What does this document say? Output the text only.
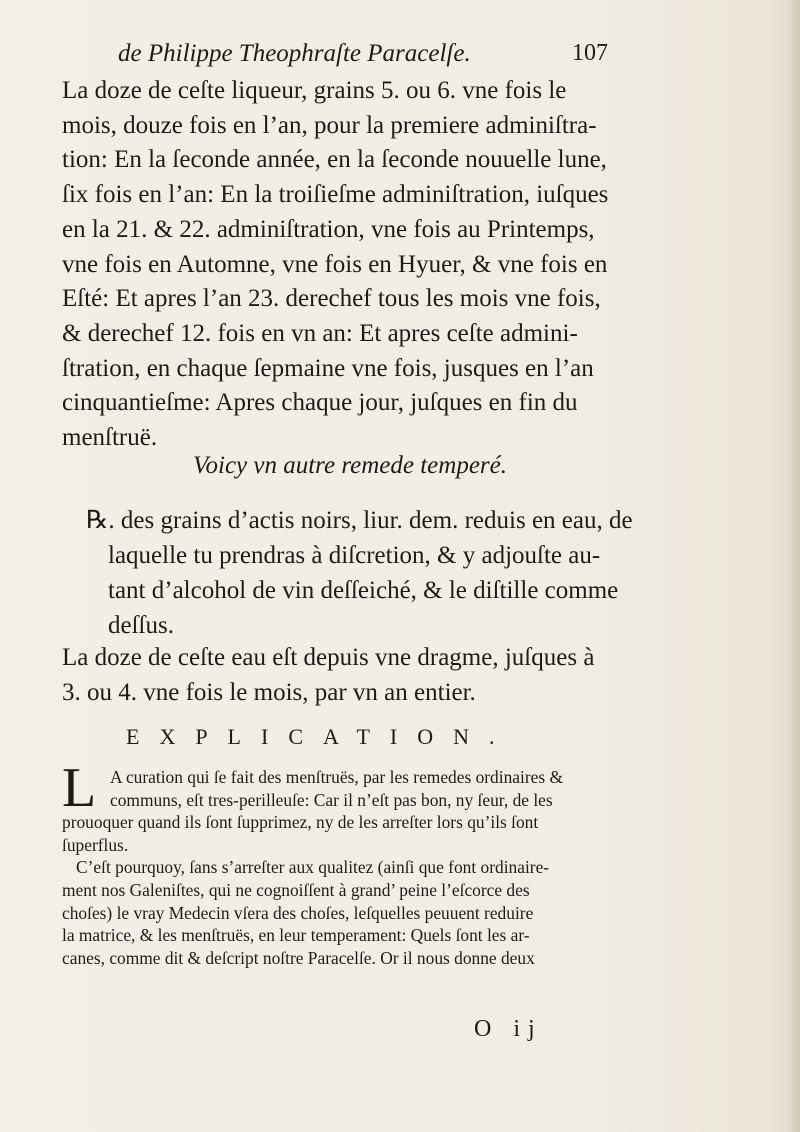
de Philippe Theophraſte Paracelſe.	107

La doze de ceſte liqueur, grains 5. ou 6. vne fois le
mois, douze fois en l’an, pour la premiere adminiſtra-
tion: En la ſeconde année, en la ſeconde nouuelle lune,
ſix fois en l’an: En la troiſieſme adminiſtration, iuſques
en la 21. & 22. adminiſtration, vne fois au Printemps,
vne fois en Automne, vne fois en Hyuer, & vne fois en
Eſté: Et apres l’an 23. derechef tous les mois vne fois,
& derechef 12. fois en vn an: Et apres ceſte admini-
ſtration, en chaque ſepmaine vne fois, jusques en l’an
cinquantieſme: Apres chaque jour, juſques en fin du
menſtruë.

Voicy vn autre remede temperé.
℞. des grains d’actis noirs, liur. dem. reduis en eau, de
laquelle tu prendras à diſcretion, & y adjouſte au-
tant d’alcohol de vin deſſeiché, & le diſtille comme
deſſus.
La doze de ceſte eau eſt depuis vne dragme, juſques à
3. ou 4. vne fois le mois, par vn an entier.
EXPLICATION.
L A curation qui ſe fait des menſtruës, par les remedes ordinaires &
communs, eſt tres-perilleuſe: Car il n’eſt pas bon, ny ſeur, de les
prouoquer quand ils ſont ſupprimez, ny de les arreſter lors qu’ils ſont
ſuperflus.
C’eſt pourquoy, ſans s’arreſter aux qualitez (ainſi que font ordinaire-
ment nos Galeniſtes, qui ne cognoiſſent à grand’ peine l’eſcorce des
choſes) le vray Medecin vſera des choſes, leſquelles peuuent reduire
la matrice, & les menſtruës, en leur temperament: Quels ſont les ar-
canes, comme dit & deſcript noſtre Paracelſe. Or il nous donne deux
O ij
